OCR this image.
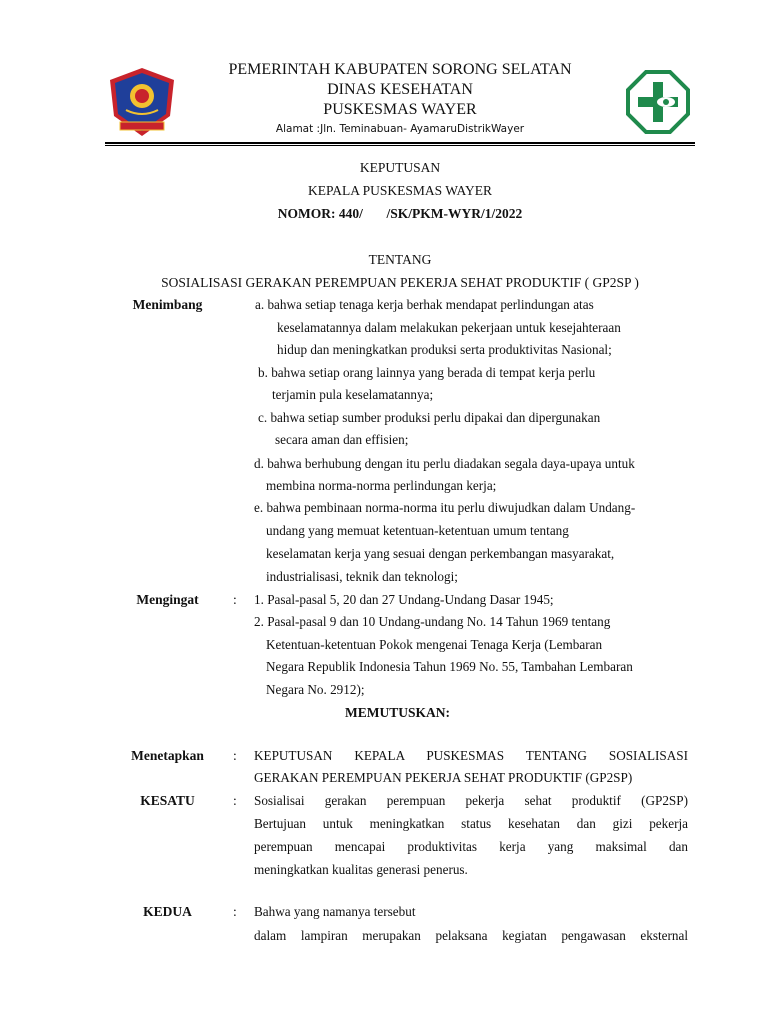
PEMERINTAH KABUPATEN SORONG SELATAN
DINAS KESEHATAN
PUSKESMAS WAYER
Alamat :Jln. Teminabuan- AyamaruDistrikWayer
KEPUTUSAN
KEPALA PUSKESMAS WAYER
NOMOR: 440/       /SK/PKM-WYR/1/2022
TENTANG
SOSIALISASI GERAKAN PEREMPUAN PEKERJA SEHAT PRODUKTIF ( GP2SP )
Menimbang	a. bahwa setiap tenaga kerja berhak mendapat perlindungan atas
keselamatannya dalam melakukan pekerjaan untuk kesejahteraan
hidup dan meningkatkan produksi serta produktivitas Nasional;
b. bahwa setiap orang lainnya yang berada di tempat kerja perlu
terjamin pula keselamatannya;
c. bahwa setiap sumber produksi perlu dipakai dan dipergunakan
secara aman dan effisien;
d. bahwa berhubung dengan itu perlu diadakan segala daya-upaya untuk
membina norma-norma perlindungan kerja;
e. bahwa pembinaan norma-norma itu perlu diwujudkan dalam Undang-
undang yang memuat ketentuan-ketentuan umum tentang
keselamatan kerja yang sesuai dengan perkembangan masyarakat,
industrialisasi, teknik dan teknologi;
Mengingat	: 1. Pasal-pasal 5, 20 dan 27 Undang-Undang Dasar 1945;
2. Pasal-pasal 9 dan 10 Undang-undang No. 14 Tahun 1969 tentang
Ketentuan-ketentuan Pokok mengenai Tenaga Kerja (Lembaran
Negara Republik Indonesia Tahun 1969 No. 55, Tambahan Lembaran
Negara No. 2912);
MEMUTUSKAN:
Menetapkan	: KEPUTUSAN KEPALA PUSKESMAS TENTANG SOSIALISASI
GERAKAN PEREMPUAN PEKERJA SEHAT PRODUKTIF (GP2SP)
KESATU	: Sosialisai gerakan perempuan pekerja sehat produktif (GP2SP)
Bertujuan untuk meningkatkan status kesehatan dan gizi pekerja
perempuan mencapai produktivitas kerja yang maksimal dan
meningkatkan kualitas generasi penerus.
KEDUA	: Bahwa yang namanya tersebut
dalam lampiran merupakan pelaksana kegiatan pengawasan eksternal
